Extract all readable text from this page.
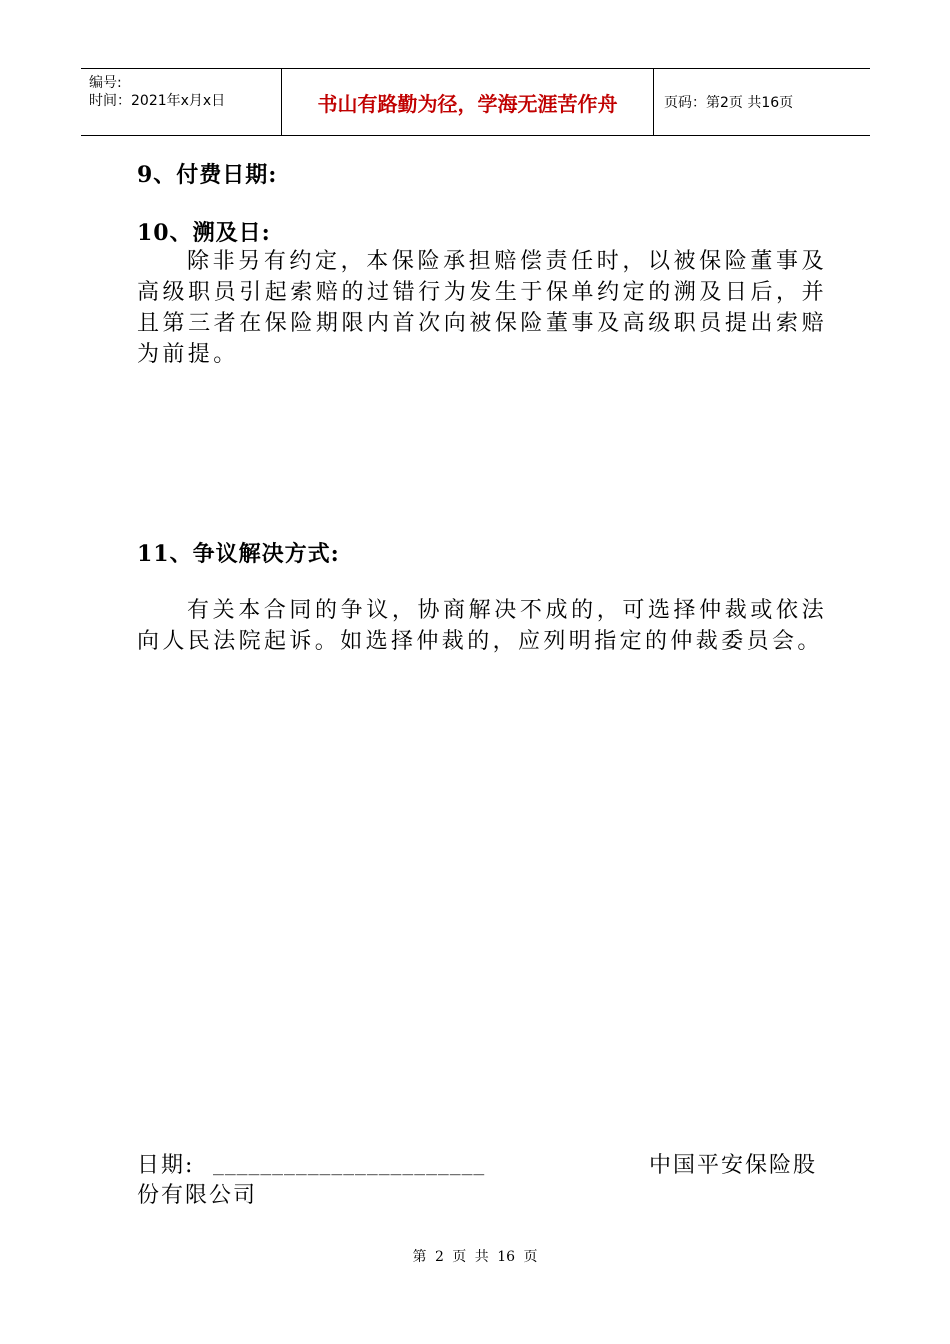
编号:
时间：2021年x月x日	书山有路勤为径，学海无涯苦作舟	页码：第2页 共16页
9、付费日期:
10、溯及日:
除非另有约定，本保险承担赔偿责任时，以被保险董事及高级职员引起索赔的过错行为发生于保单约定的溯及日后，并且第三者在保险期限内首次向被保险董事及高级职员提出索赔为前提。
11、争议解决方式:
有关本合同的争议，协商解决不成的，可选择仲裁或依法向人民法院起诉。如选择仲裁的，应列明指定的仲裁委员会。
日期: _______________________	中国平安保险股
份有限公司
第 2 页 共 16 页
